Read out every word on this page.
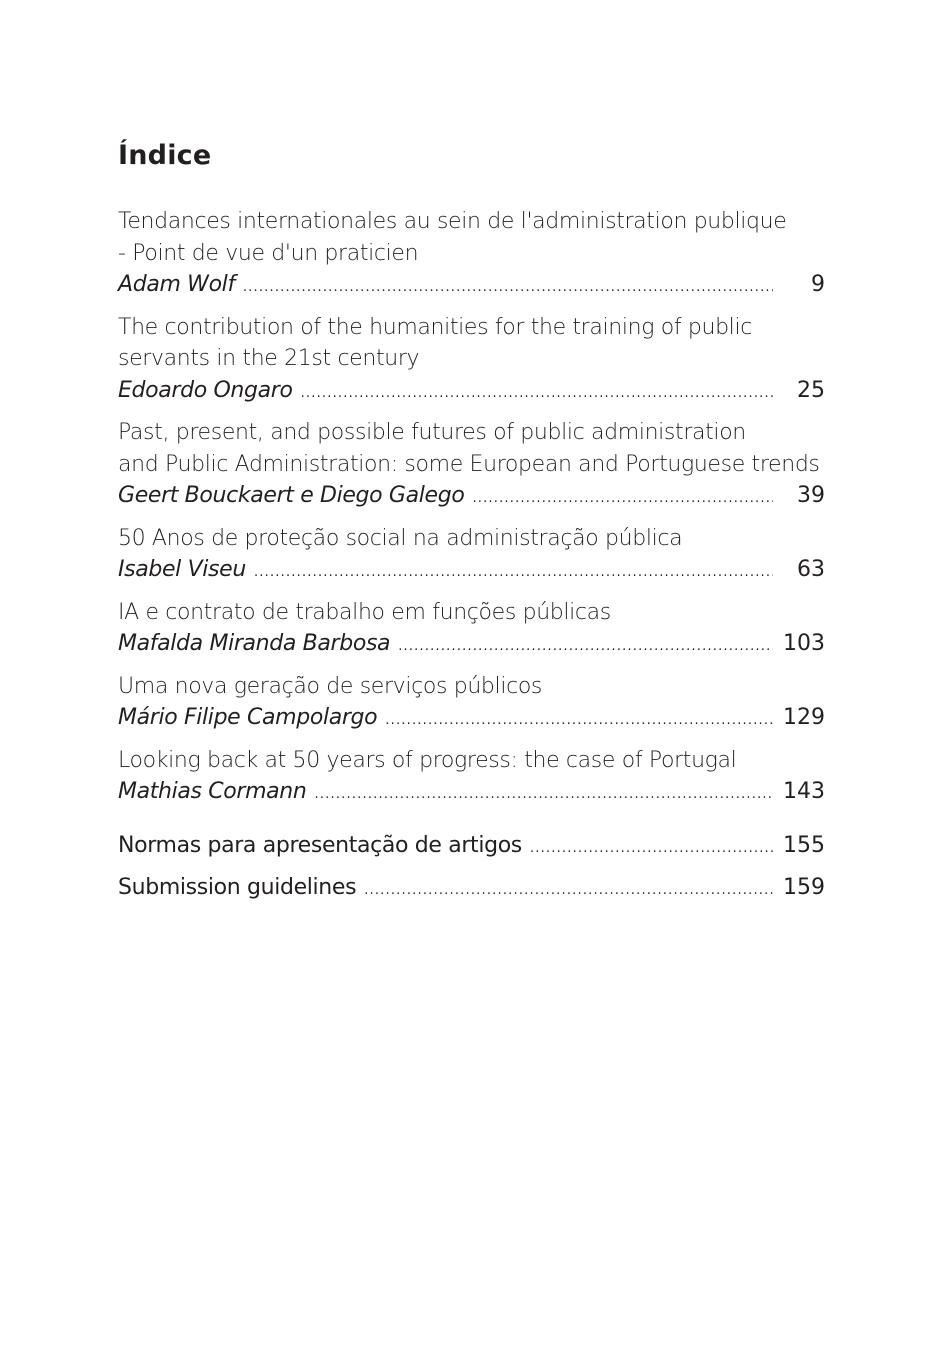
Índice
Tendances internationales au sein de l'administration publique
- Point de vue d'un praticien
Adam Wolf .....	9
The contribution of the humanities for the training of public
servants in the 21st century
Edoardo Ongaro .....	25
Past, present, and possible futures of public administration
and Public Administration: some European and Portuguese trends
Geert Bouckaert e Diego Galego .....	39
50 Anos de proteção social na administração pública
Isabel Viseu .....	63
IA e contrato de trabalho em funções públicas
Mafalda Miranda Barbosa .....	103
Uma nova geração de serviços públicos
Mário Filipe Campolargo .....	129
Looking back at 50 years of progress: the case of Portugal
Mathias Cormann .....	143
Normas para apresentação de artigos .....	155
Submission guidelines .....	159
